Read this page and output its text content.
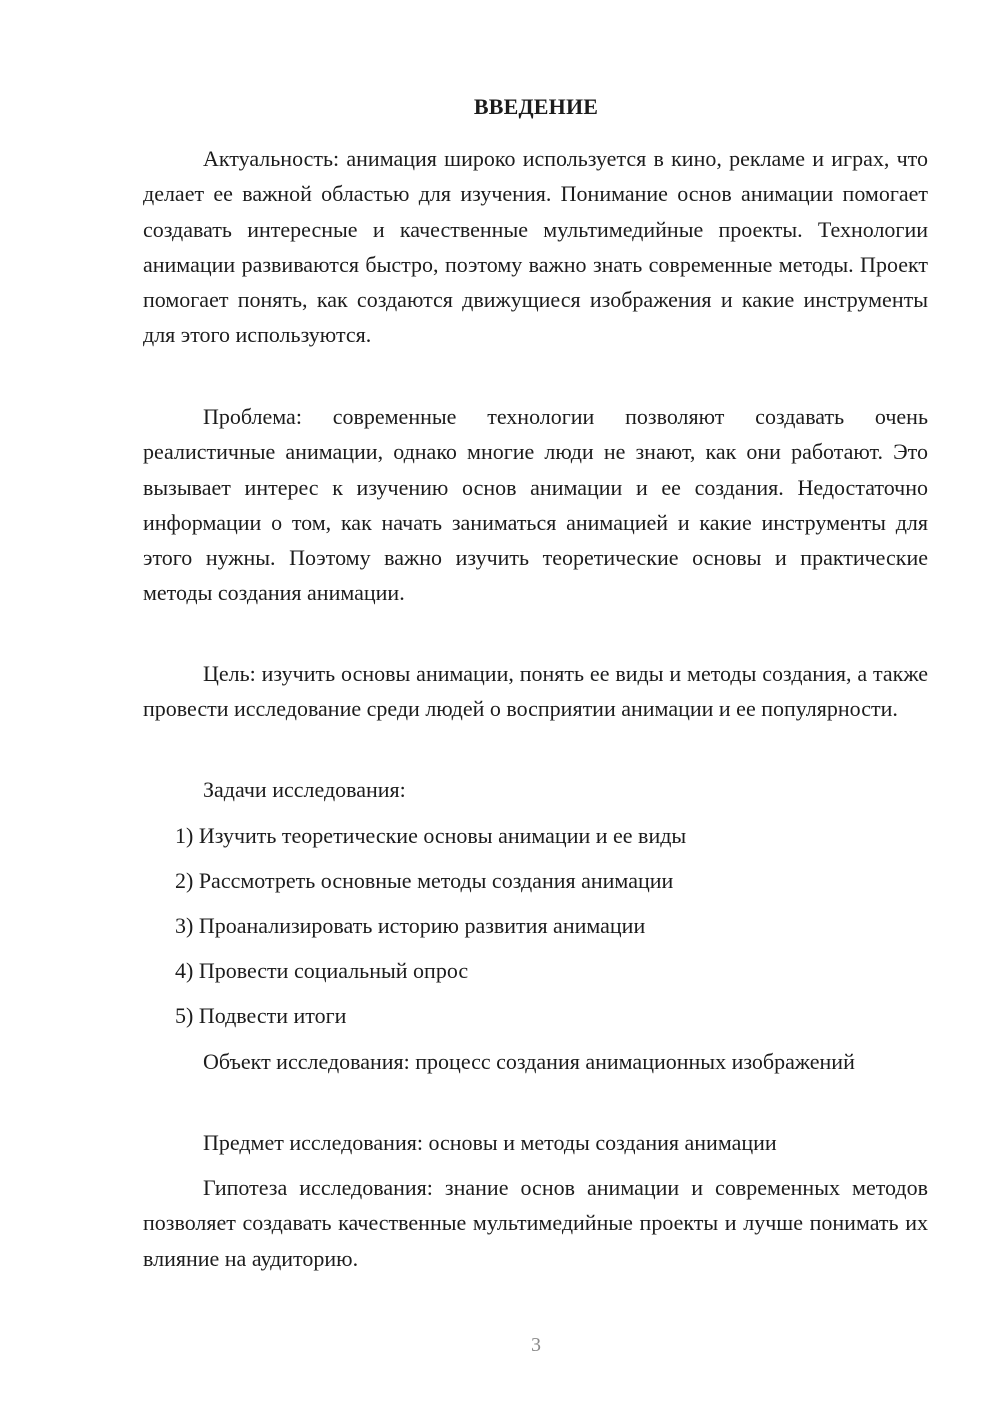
ВВЕДЕНИЕ
Актуальность: анимация широко используется в кино, рекламе и играх, что делает ее важной областью для изучения. Понимание основ анимации помогает создавать интересные и качественные мультимедийные проекты. Технологии анимации развиваются быстро, поэтому важно знать современные методы. Проект помогает понять, как создаются движущиеся изображения и какие инструменты для этого используются.
Проблема: современные технологии позволяют создавать очень реалистичные анимации, однако многие люди не знают, как они работают. Это вызывает интерес к изучению основ анимации и ее создания. Недостаточно информации о том, как начать заниматься анимацией и какие инструменты для этого нужны. Поэтому важно изучить теоретические основы и практические методы создания анимации.
Цель: изучить основы анимации, понять ее виды и методы создания, а также провести исследование среди людей о восприятии анимации и ее популярности.
Задачи исследования:
1) Изучить теоретические основы анимации и ее виды
2) Рассмотреть основные методы создания анимации
3) Проанализировать историю развития анимации
4) Провести социальный опрос
5) Подвести итоги
Объект исследования: процесс создания анимационных изображений
Предмет исследования: основы и методы создания анимации
Гипотеза исследования: знание основ анимации и современных методов позволяет создавать качественные мультимедийные проекты и лучше понимать их влияние на аудиторию.
3
